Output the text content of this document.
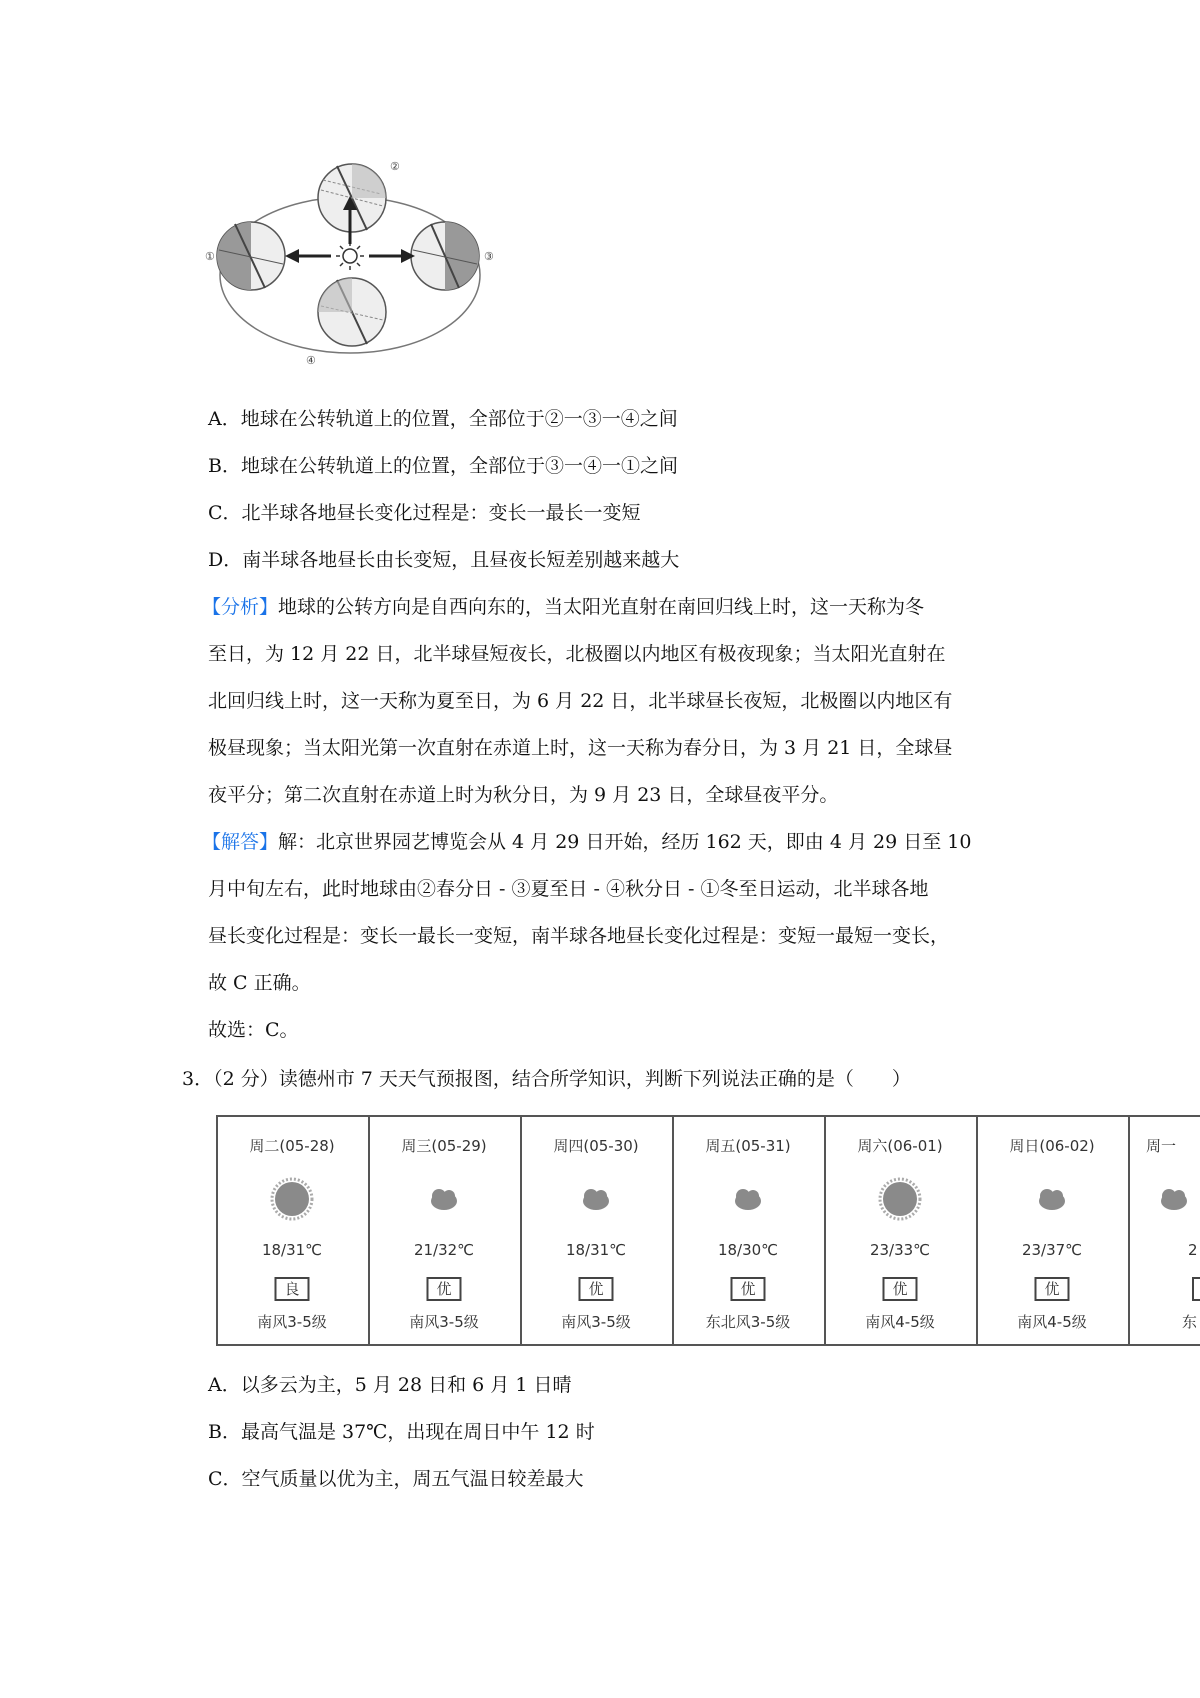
②
①	③
④
A．地球在公转轨道上的位置，全部位于②一③一④之间
B．地球在公转轨道上的位置，全部位于③一④一①之间
C．北半球各地昼长变化过程是：变长一最长一变短
D．南半球各地昼长由长变短，且昼夜长短差别越来越大
【分析】地球的公转方向是自西向东的，当太阳光直射在南回归线上时，这一天称为冬
至日，为 12 月 22 日，北半球昼短夜长，北极圈以内地区有极夜现象；当太阳光直射在
北回归线上时，这一天称为夏至日，为 6 月 22 日，北半球昼长夜短，北极圈以内地区有
极昼现象；当太阳光第一次直射在赤道上时，这一天称为春分日，为 3 月 21 日，全球昼
夜平分；第二次直射在赤道上时为秋分日，为 9 月 23 日，全球昼夜平分。
【解答】解：北京世界园艺博览会从 4 月 29 日开始，经历 162 天，即由 4 月 29 日至 10
月中旬左右，此时地球由②春分日 - ③夏至日 - ④秋分日 - ①冬至日运动，北半球各地
昼长变化过程是：变长一最长一变短，南半球各地昼长变化过程是：变短一最短一变长，
故 C 正确。
故选：C。
3．（2 分）读德州市 7 天天气预报图，结合所学知识，判断下列说法正确的是（　　）
周二(05-28)
18/31℃
良
南风3-5级
周三(05-29)
21/32℃
优
南风3-5级
周四(05-30)
18/31℃
优
南风3-5级
周五(05-31)
18/30℃
优
东北风3-5级
周六(06-01)
23/33℃
优
南风4-5级
周日(06-02)
23/37℃
优
南风4-5级
周一
2
东
A．以多云为主，5 月 28 日和 6 月 1 日晴
B．最高气温是 37℃，出现在周日中午 12 时
C．空气质量以优为主，周五气温日较差最大
